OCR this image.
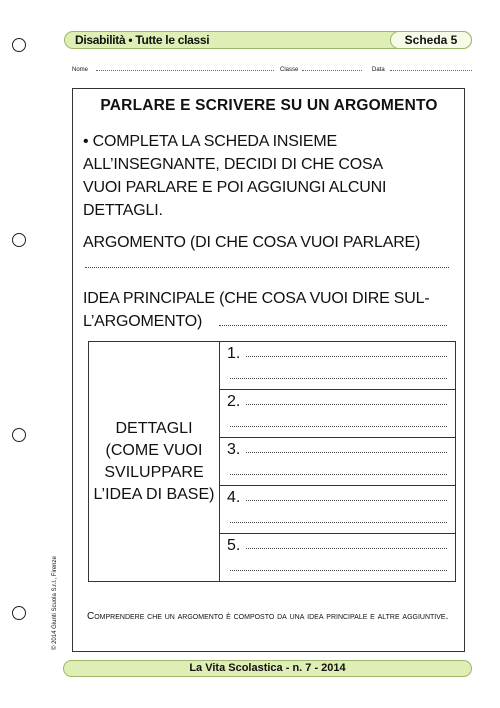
Disabilità • Tutte le classi	Scheda 5
Nome	Classe	Data
PARLARE E SCRIVERE SU UN ARGOMENTO
• COMPLETA LA SCHEDA INSIEME
ALL’INSEGNANTE, DECIDI DI CHE COSA
VUOI PARLARE E POI AGGIUNGI ALCUNI
DETTAGLI.
ARGOMENTO (DI CHE COSA VUOI PARLARE)
IDEA PRINCIPALE (CHE COSA VUOI DIRE SUL-
L’ARGOMENTO)
DETTAGLI
(COME VUOI
SVILUPPARE
L’IDEA DI BASE)

1.

2.

3.

4.

5.
Comprendere che un argomento è composto da una idea principale e altre aggiuntive.
© 2014 Giunti Scuola S.r.l., Firenze
La Vita Scolastica - n. 7 - 2014
